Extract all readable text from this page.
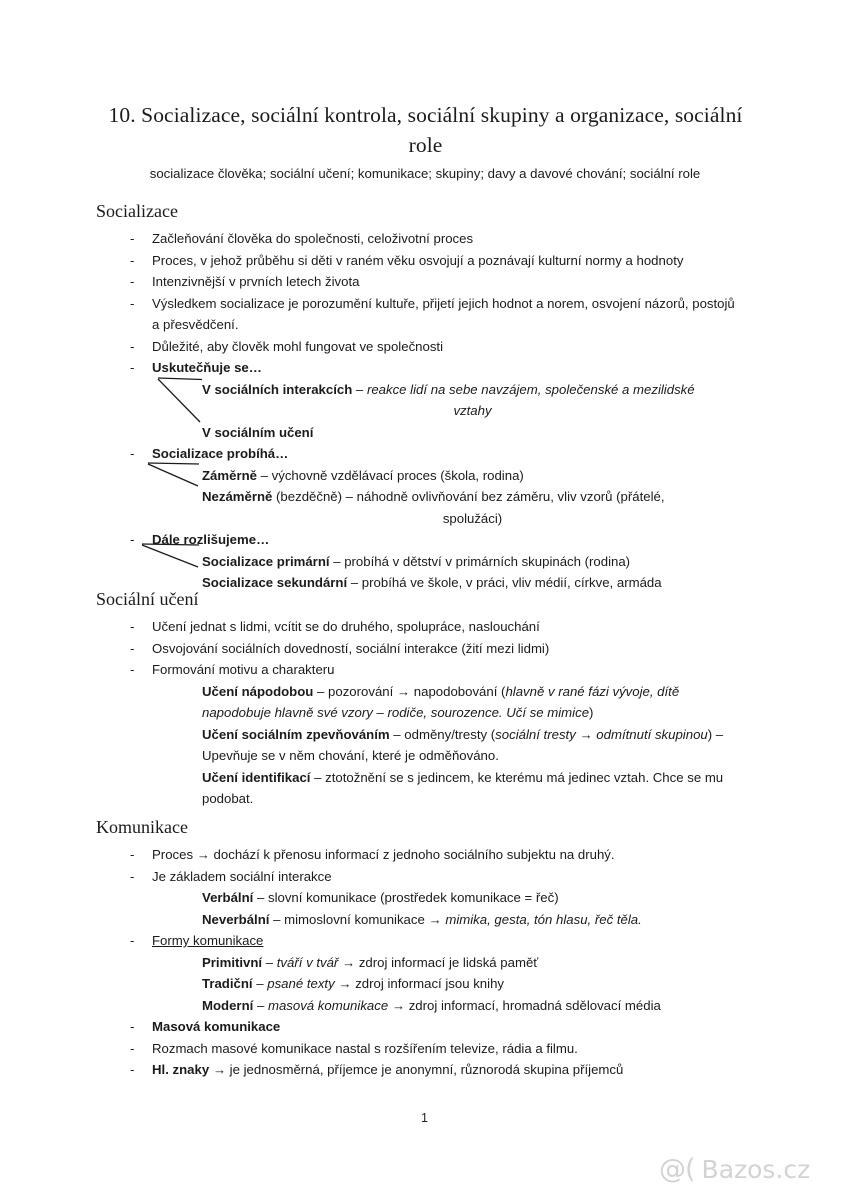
10. Socializace, sociální kontrola, sociální skupiny a organizace, sociální role
socializace člověka; sociální učení; komunikace; skupiny; davy a davové chování; sociální role
Socializace
- Začleňování člověka do společnosti, celoživotní proces
- Proces, v jehož průběhu si děti v raném věku osvojují a poznávají kulturní normy a hodnoty
- Intenzivnější v prvních letech života
- Výsledkem socializace je porozumění kultuře, přijetí jejich hodnot a norem, osvojení názorů, postojů a přesvědčení.
- Důležité, aby člověk mohl fungovat ve společnosti
- Uskutečňuje se…
V sociálních interakcích – reakce lidí na sebe navzájem, společenské a mezilidské
vztahy
V sociálním učení
- Socializace probíhá…
Záměrně – výchovně vzdělávací proces (škola, rodina)
Nezáměrně (bezděčně) – náhodně ovlivňování bez záměru, vliv vzorů (přátelé,
spolužáci)
- Dále rozlišujeme…
Socializace primární – probíhá v dětství v primárních skupinách (rodina)
Socializace sekundární – probíhá ve škole, v práci, vliv médií, církve, armáda
Sociální učení
- Učení jednat s lidmi, vcítit se do druhého, spolupráce, naslouchání
- Osvojování sociálních dovedností, sociální interakce (žití mezi lidmi)
- Formování motivu a charakteru
Učení nápodobou – pozorování → napodobování (hlavně v rané fázi vývoje, dítě napodobuje hlavně své vzory – rodiče, sourozence. Učí se mimice)
Učení sociálním zpevňováním – odměny/tresty (sociální tresty → odmítnutí skupinou) – Upevňuje se v něm chování, které je odměňováno.
Učení identifikací – ztotožnění se s jedincem, ke kterému má jedinec vztah. Chce se mu podobat.
Komunikace
- Proces → dochází k přenosu informací z jednoho sociálního subjektu na druhý.
- Je základem sociální interakce
Verbální – slovní komunikace (prostředek komunikace = řeč)
Neverbální – mimoslovní komunikace → mimika, gesta, tón hlasu, řeč těla.
- Formy komunikace
Primitivní – tváří v tvář → zdroj informací je lidská paměť
Tradiční – psané texty → zdroj informací jsou knihy
Moderní – masová komunikace → zdroj informací, hromadná sdělovací média
- Masová komunikace
- Rozmach masové komunikace nastal s rozšířením televize, rádia a filmu.
- Hl. znaky → je jednosměrná, příjemce je anonymní, různorodá skupina příjemců
1
@( Bazos.cz
